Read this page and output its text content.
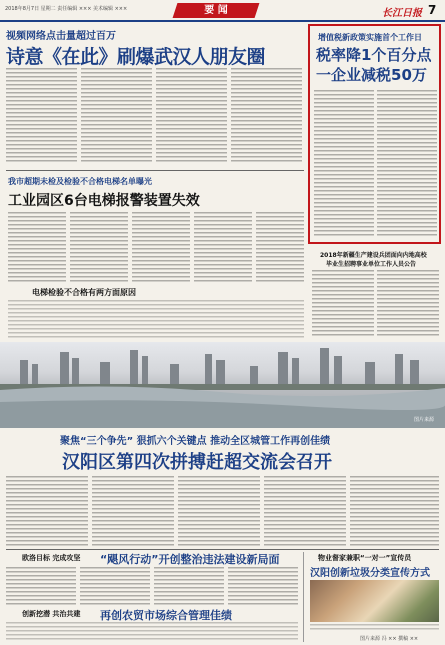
2018年8月7日 星期二 责任编辑 ××× 美术编辑 ×××	要 闻	长江日报 7
视频网络点击量超过百万
诗意《在此》刷爆武汉人朋友圈
增值税新政策实施首个工作日
税率降1个百分点
一企业减税50万
我市超期未检及检验不合格电梯名单曝光
工业园区6台电梯报警装置失效
电梯检验不合格有两方面原因
2018年新疆生产建设兵团面向内地高校
毕业生招聘事业单位工作人员公告
图片来源
聚焦“三个争先” 狠抓六个关键点 推动全区城管工作再创佳绩
汉阳区第四次拼搏赶超交流会召开
欧洛目标 完成攻坚 “飓风行动”开创整治违法建设新局面
创新挖潜 共治共建 再创农贸市场综合管理佳绩
物业督家兼职“一对一”宣传员
汉阳创新垃圾分类宣传方式
图片来源 冯 ×× 撰稿 ××
